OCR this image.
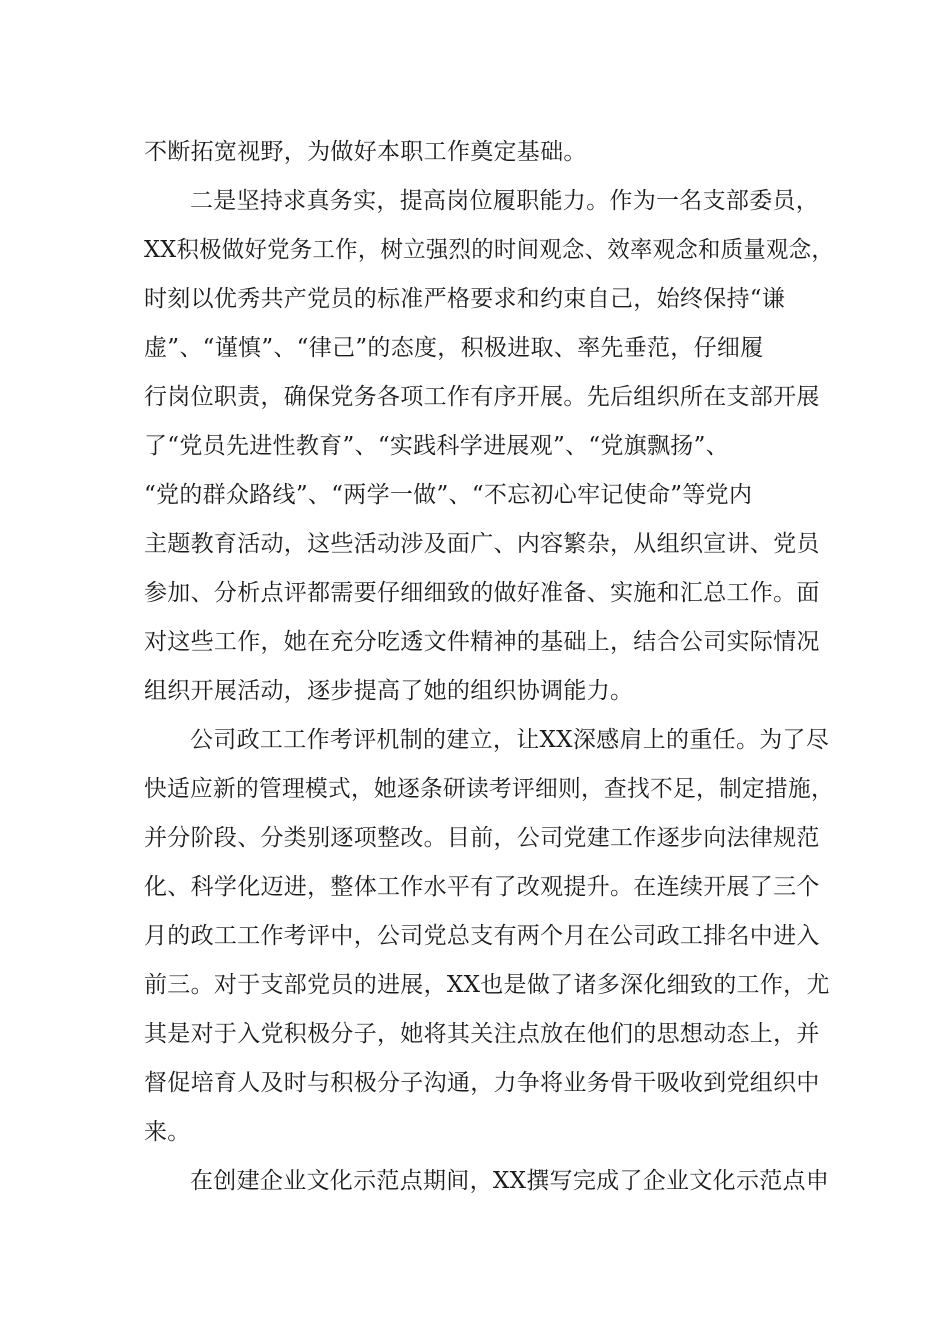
不断拓宽视野，为做好本职工作奠定基础。
二是坚持求真务实，提高岗位履职能力。作为一名支部委员，
XX积极做好党务工作，树立强烈的时间观念、效率观念和质量观念，
时刻以优秀共产党员的标准严格要求和约束自己，始终保持“谦
虚”、“谨慎”、“律己”的态度，积极进取、率先垂范，仔细履
行岗位职责，确保党务各项工作有序开展。先后组织所在支部开展
了“党员先进性教育”、“实践科学进展观”、“党旗飘扬”、
“党的群众路线”、“两学一做”、“不忘初心牢记使命”等党内
主题教育活动，这些活动涉及面广、内容繁杂，从组织宣讲、党员
参加、分析点评都需要仔细细致的做好准备、实施和汇总工作。面
对这些工作，她在充分吃透文件精神的基础上，结合公司实际情况
组织开展活动，逐步提高了她的组织协调能力。
公司政工工作考评机制的建立，让XX深感肩上的重任。为了尽
快适应新的管理模式，她逐条研读考评细则，查找不足，制定措施，
并分阶段、分类别逐项整改。目前，公司党建工作逐步向法律规范
化、科学化迈进，整体工作水平有了改观提升。在连续开展了三个
月的政工工作考评中，公司党总支有两个月在公司政工排名中进入
前三。对于支部党员的进展，XX也是做了诸多深化细致的工作，尤
其是对于入党积极分子，她将其关注点放在他们的思想动态上，并
督促培育人及时与积极分子沟通，力争将业务骨干吸收到党组织中
来。
在创建企业文化示范点期间，XX撰写完成了企业文化示范点申
